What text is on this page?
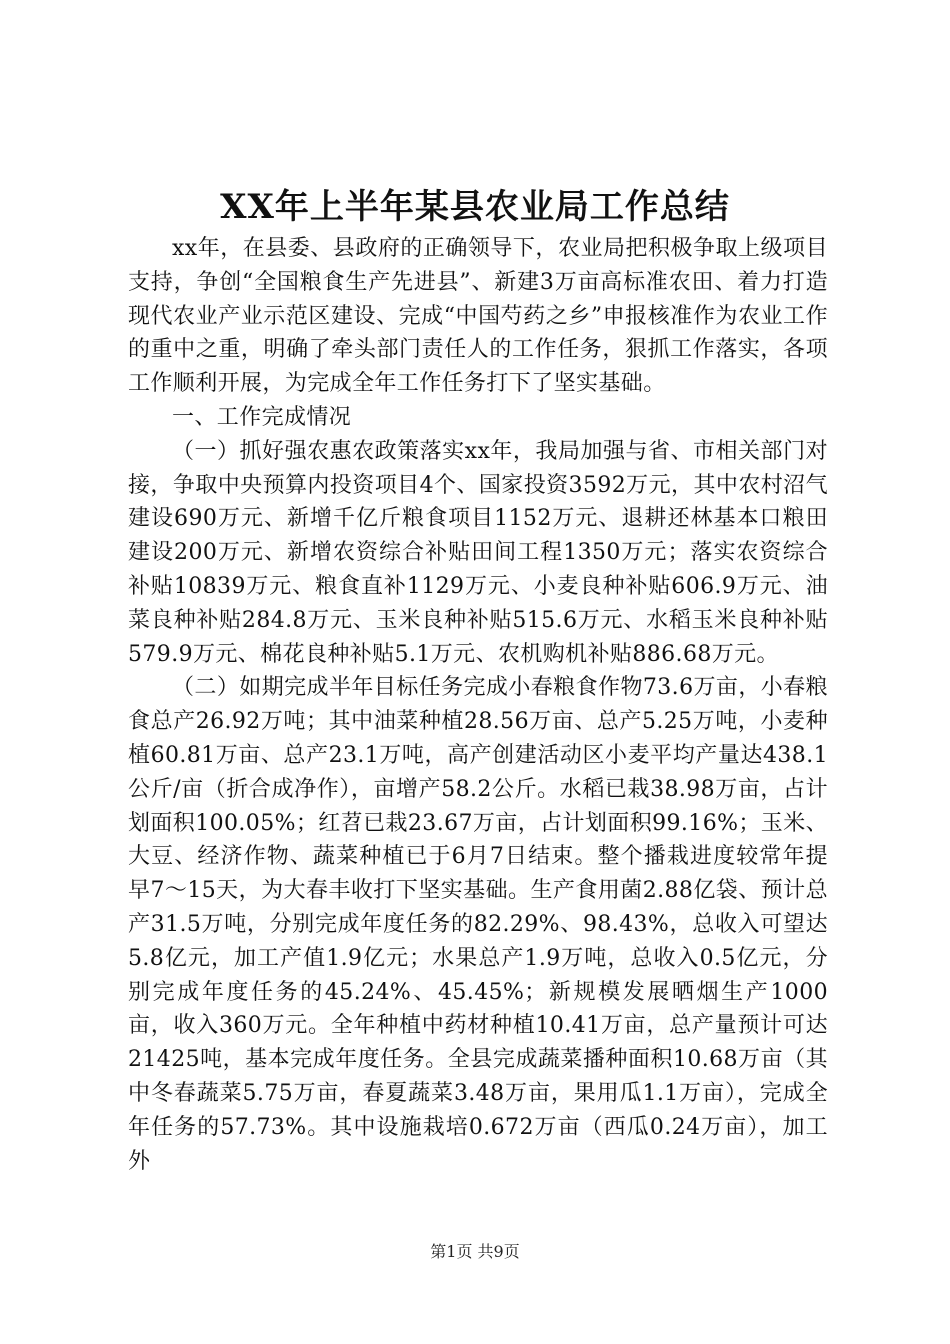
XX年上半年某县农业局工作总结

xx年，在县委、县政府的正确领导下，农业局把积极争取上级项目支持，争创“全国粮食生产先进县”、新建3万亩高标准农田、着力打造现代农业产业示范区建设、完成“中国芍药之乡”申报核准作为农业工作的重中之重，明确了牵头部门责任人的工作任务，狠抓工作落实，各项工作顺利开展，为完成全年工作任务打下了坚实基础。

一、工作完成情况

（一）抓好强农惠农政策落实xx年，我局加强与省、市相关部门对接，争取中央预算内投资项目4个、国家投资3592万元，其中农村沼气建设690万元、新增千亿斤粮食项目1152万元、退耕还林基本口粮田建设200万元、新增农资综合补贴田间工程1350万元；落实农资综合补贴10839万元、粮食直补1129万元、小麦良种补贴606.9万元、油菜良种补贴284.8万元、玉米良种补贴515.6万元、水稻玉米良种补贴579.9万元、棉花良种补贴5.1万元、农机购机补贴886.68万元。

（二）如期完成半年目标任务完成小春粮食作物73.6万亩，小春粮食总产26.92万吨；其中油菜种植28.56万亩、总产5.25万吨，小麦种植60.81万亩、总产23.1万吨，高产创建活动区小麦平均产量达438.1公斤/亩（折合成净作），亩增产58.2公斤。水稻已栽38.98万亩，占计划面积100.05%；红苕已栽23.67万亩，占计划面积99.16%；玉米、大豆、经济作物、蔬菜种植已于6月7日结束。整个播栽进度较常年提早7～15天，为大春丰收打下坚实基础。生产食用菌2.88亿袋、预计总产31.5万吨，分别完成年度任务的82.29%、98.43%，总收入可望达5.8亿元，加工产值1.9亿元；水果总产1.9万吨，总收入0.5亿元，分别完成年度任务的45.24%、45.45%；新规模发展晒烟生产1000亩，收入360万元。全年种植中药材种植10.41万亩，总产量预计可达21425吨，基本完成年度任务。全县完成蔬菜播种面积10.68万亩（其中冬春蔬菜5.75万亩，春夏蔬菜3.48万亩，果用瓜1.1万亩），完成全年任务的57.73%。其中设施栽培0.672万亩（西瓜0.24万亩），加工外

第1页 共9页
